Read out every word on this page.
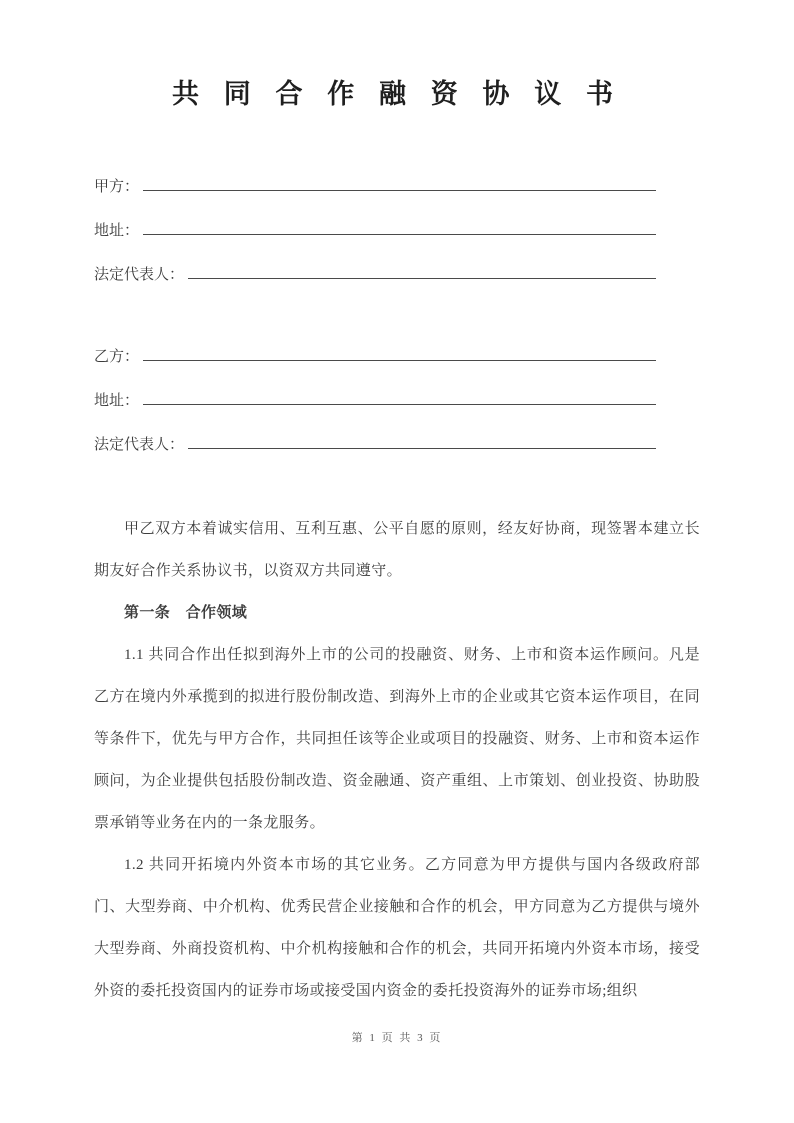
共 同 合 作 融 资 协 议 书
甲方：
地址：
法定代表人：
乙方：
地址：
法定代表人：

甲乙双方本着诚实信用、互利互惠、公平自愿的原则，经友好协商，现签署本建立长期友好合作关系协议书，以资双方共同遵守。

第一条　合作领域

1.1 共同合作出任拟到海外上市的公司的投融资、财务、上市和资本运作顾问。凡是乙方在境内外承揽到的拟进行股份制改造、到海外上市的企业或其它资本运作项目，在同等条件下，优先与甲方合作，共同担任该等企业或项目的投融资、财务、上市和资本运作顾问，为企业提供包括股份制改造、资金融通、资产重组、上市策划、创业投资、协助股票承销等业务在内的一条龙服务。

1.2 共同开拓境内外资本市场的其它业务。乙方同意为甲方提供与国内各级政府部门、大型券商、中介机构、优秀民营企业接触和合作的机会，甲方同意为乙方提供与境外大型券商、外商投资机构、中介机构接触和合作的机会，共同开拓境内外资本市场，接受外资的委托投资国内的证券市场或接受国内资金的委托投资海外的证券市场;组织

第 1 页 共 3 页
